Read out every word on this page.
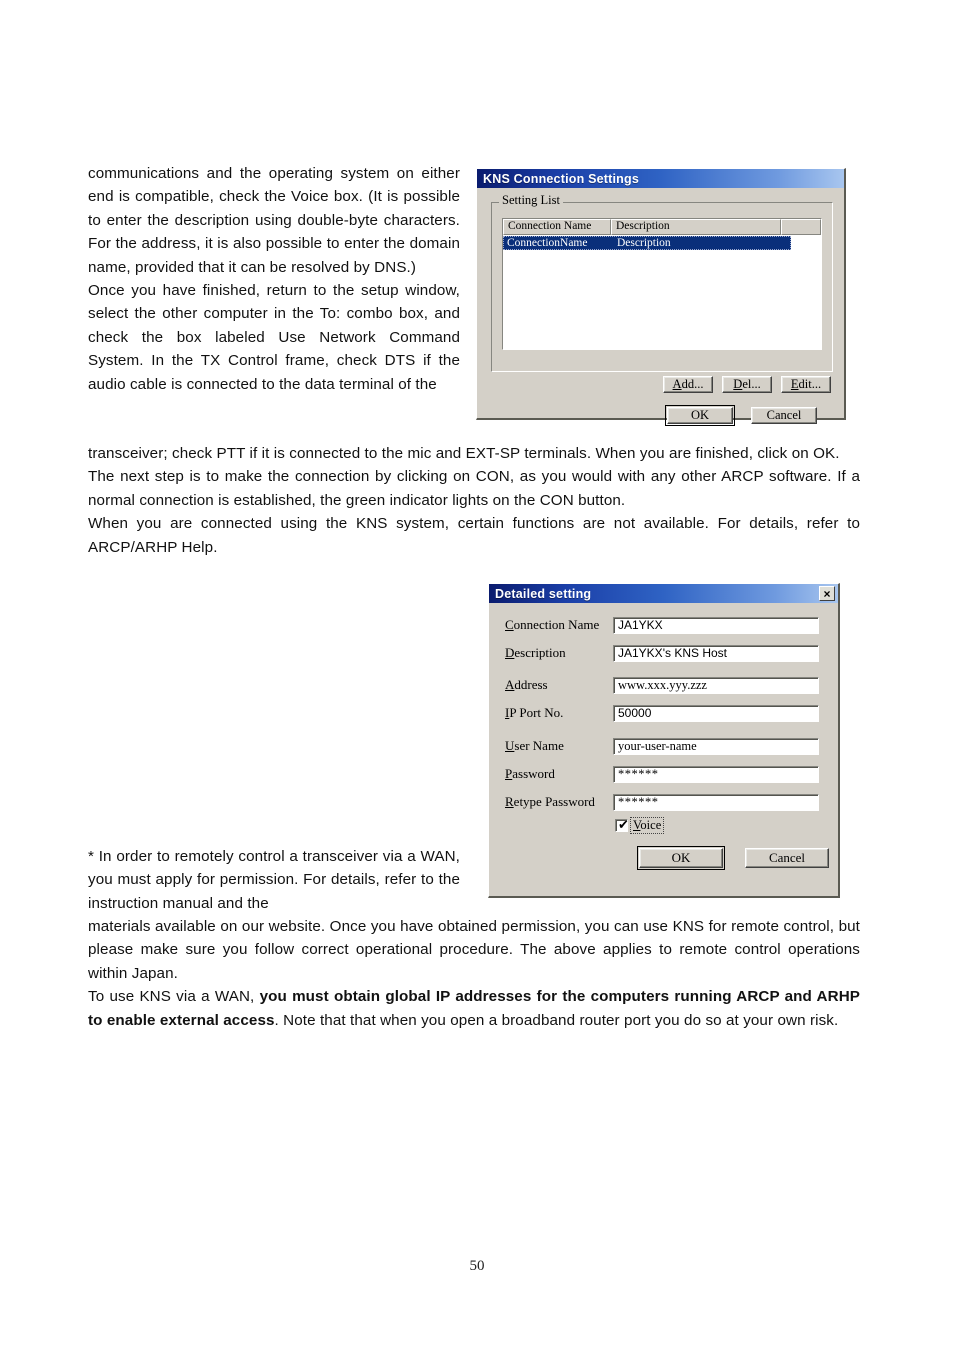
communications and the operating system on either end is compatible, check the Voice box. (It is possible to enter the description using double-byte characters. For the address, it is also possible to enter the domain name, provided that it can be resolved by DNS.)

Once you have finished, return to the setup window, select the other computer in the To: combo box, and check the box labeled Use Network Command System. In the TX Control frame, check DTS if the audio cable is connected to the data terminal of the

transceiver; check PTT if it is connected to the mic and EXT-SP terminals. When you are finished, click on OK.

The next step is to make the connection by clicking on CON, as you would with any other ARCP software. If a normal connection is established, the green indicator lights on the CON button.

When you are connected using the KNS system, certain functions are not available. For details, refer to ARCP/ARHP Help.

* In order to remotely control a transceiver via a WAN, you must apply for permission. For details, refer to the instruction manual and the

materials available on our website. Once you have obtained permission, you can use KNS for remote control, but please make sure you follow correct operational procedure. The above applies to remote control operations within Japan.

To use KNS via a WAN, you must obtain global IP addresses for the computers running ARCP and ARHP to enable external access. Note that that when you open a broadband router port you do so at your own risk.

KNS Connection Settings
Setting List
Connection Name	Description
ConnectionName	Description
A dd...	D el...	E dit...
OK	Cancel
Detailed setting	×
Connection Name	JA1YKX
Description	JA1YKX's KNS Host
Address	www.xxx.yyy.zzz
IP Port No.	50000
User Name	your-user-name
Password	******
Retype Password	******
✔ Voice
OK	Cancel
50
